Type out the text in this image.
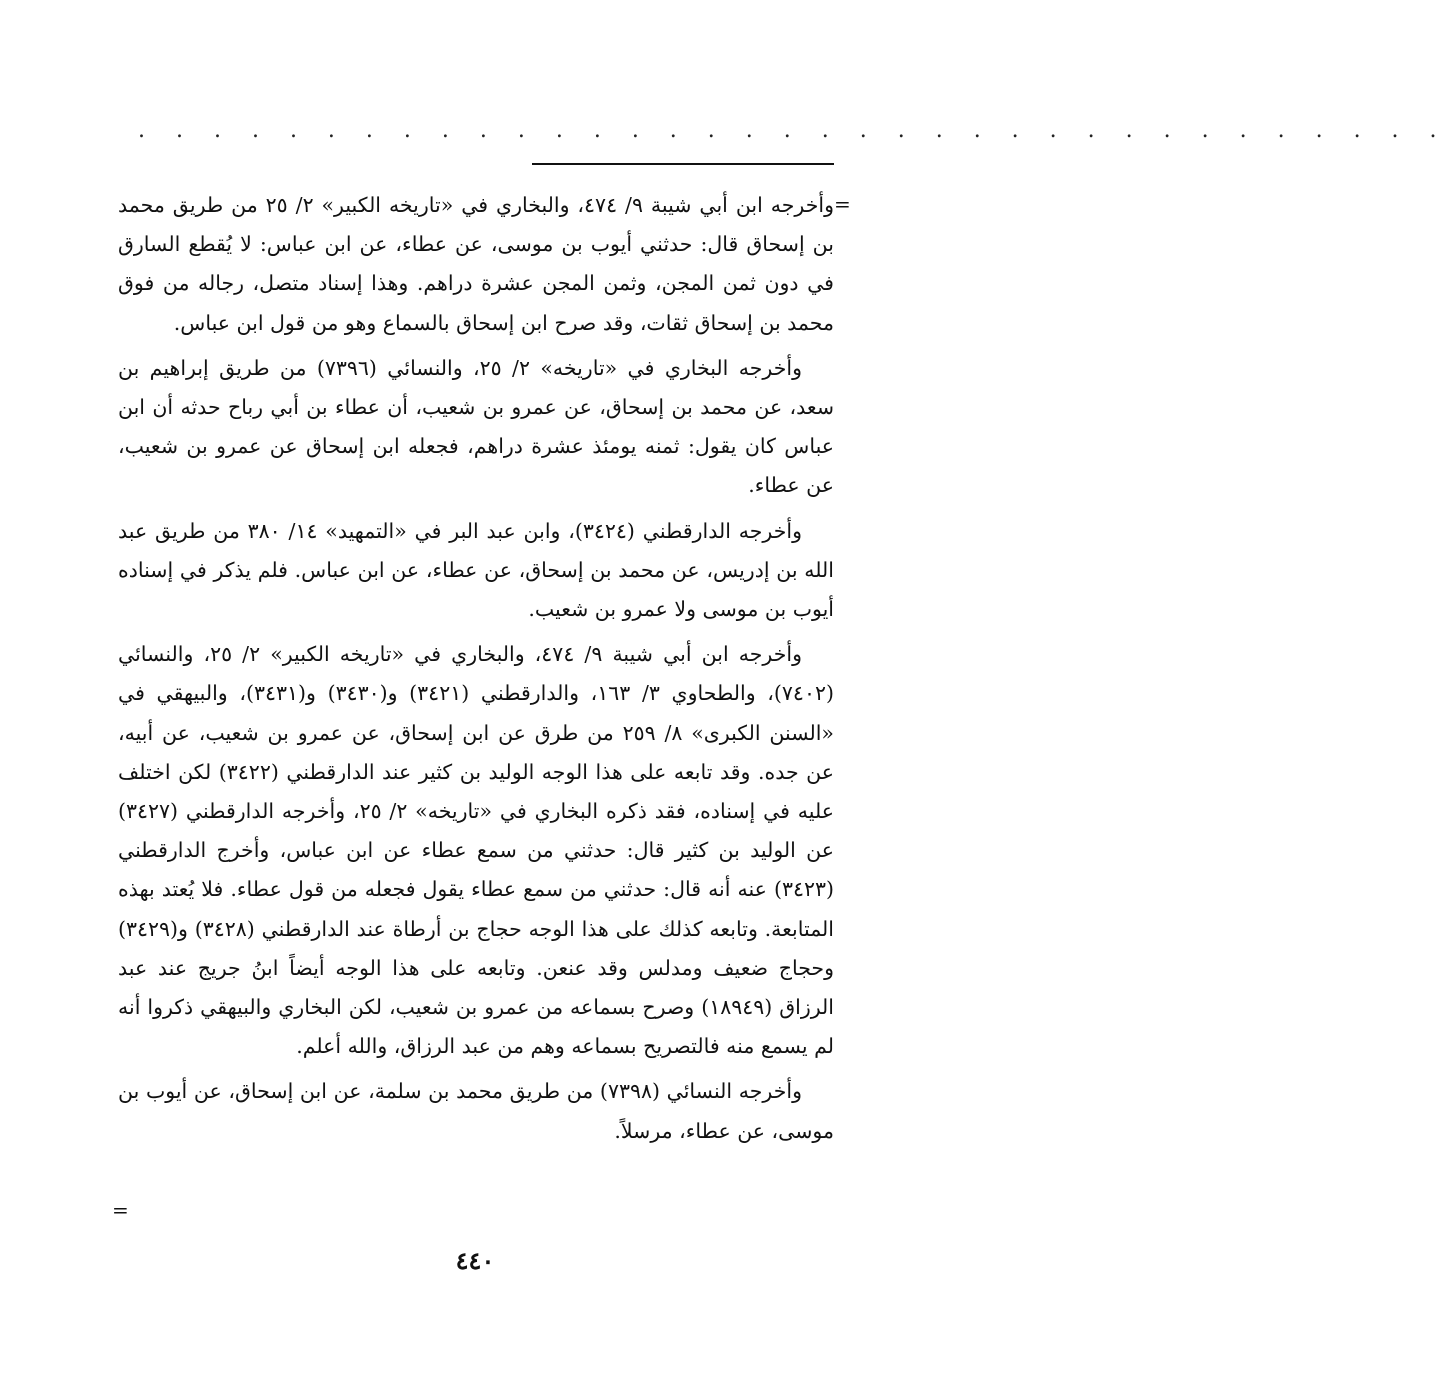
. . . . . . . . . . . . . . . . . . . . . . . . . . . . . . . . . . .
=

وأخرجه ابن أبي شيبة ٩/ ٤٧٤، والبخاري في «تاريخه الكبير» ٢/ ٢٥ من طريق محمد بن إسحاق قال: حدثني أيوب بن موسى، عن عطاء، عن ابن عباس: لا يُقطع السارق في دون ثمن المجن، وثمن المجن عشرة دراهم. وهذا إسناد متصل، رجاله من فوق محمد بن إسحاق ثقات، وقد صرح ابن إسحاق بالسماع وهو من قول ابن عباس.

وأخرجه البخاري في «تاريخه» ٢/ ٢٥، والنسائي (٧٣٩٦) من طريق إبراهيم بن سعد، عن محمد بن إسحاق، عن عمرو بن شعيب، أن عطاء بن أبي رباح حدثه أن ابن عباس كان يقول: ثمنه يومئذ عشرة دراهم، فجعله ابن إسحاق عن عمرو بن شعيب، عن عطاء.

وأخرجه الدارقطني (٣٤٢٤)، وابن عبد البر في «التمهيد» ١٤/ ٣٨٠ من طريق عبد الله بن إدريس، عن محمد بن إسحاق، عن عطاء، عن ابن عباس. فلم يذكر في إسناده أيوب بن موسى ولا عمرو بن شعيب.

وأخرجه ابن أبي شيبة ٩/ ٤٧٤، والبخاري في «تاريخه الكبير» ٢/ ٢٥، والنسائي (٧٤٠٢)، والطحاوي ٣/ ١٦٣، والدارقطني (٣٤٢١) و(٣٤٣٠) و(٣٤٣١)، والبيهقي في «السنن الكبرى» ٨/ ٢٥٩ من طرق عن ابن إسحاق، عن عمرو بن شعيب، عن أبيه، عن جده. وقد تابعه على هذا الوجه الوليد بن كثير عند الدارقطني (٣٤٢٢) لكن اختلف عليه في إسناده، فقد ذكره البخاري في «تاريخه» ٢/ ٢٥، وأخرجه الدارقطني (٣٤٢٧) عن الوليد بن كثير قال: حدثني من سمع عطاء عن ابن عباس، وأخرج الدارقطني (٣٤٢٣) عنه أنه قال: حدثني من سمع عطاء يقول فجعله من قول عطاء. فلا يُعتد بهذه المتابعة. وتابعه كذلك على هذا الوجه حجاج بن أرطاة عند الدارقطني (٣٤٢٨) و(٣٤٢٩) وحجاج ضعيف ومدلس وقد عنعن. وتابعه على هذا الوجه أيضاً ابنُ جريج عند عبد الرزاق (١٨٩٤٩) وصرح بسماعه من عمرو بن شعيب، لكن البخاري والبيهقي ذكروا أنه لم يسمع منه فالتصريح بسماعه وهم من عبد الرزاق، والله أعلم.

وأخرجه النسائي (٧٣٩٨) من طريق محمد بن سلمة، عن ابن إسحاق، عن أيوب بن موسى، عن عطاء، مرسلاً.

=
٤٤٠
